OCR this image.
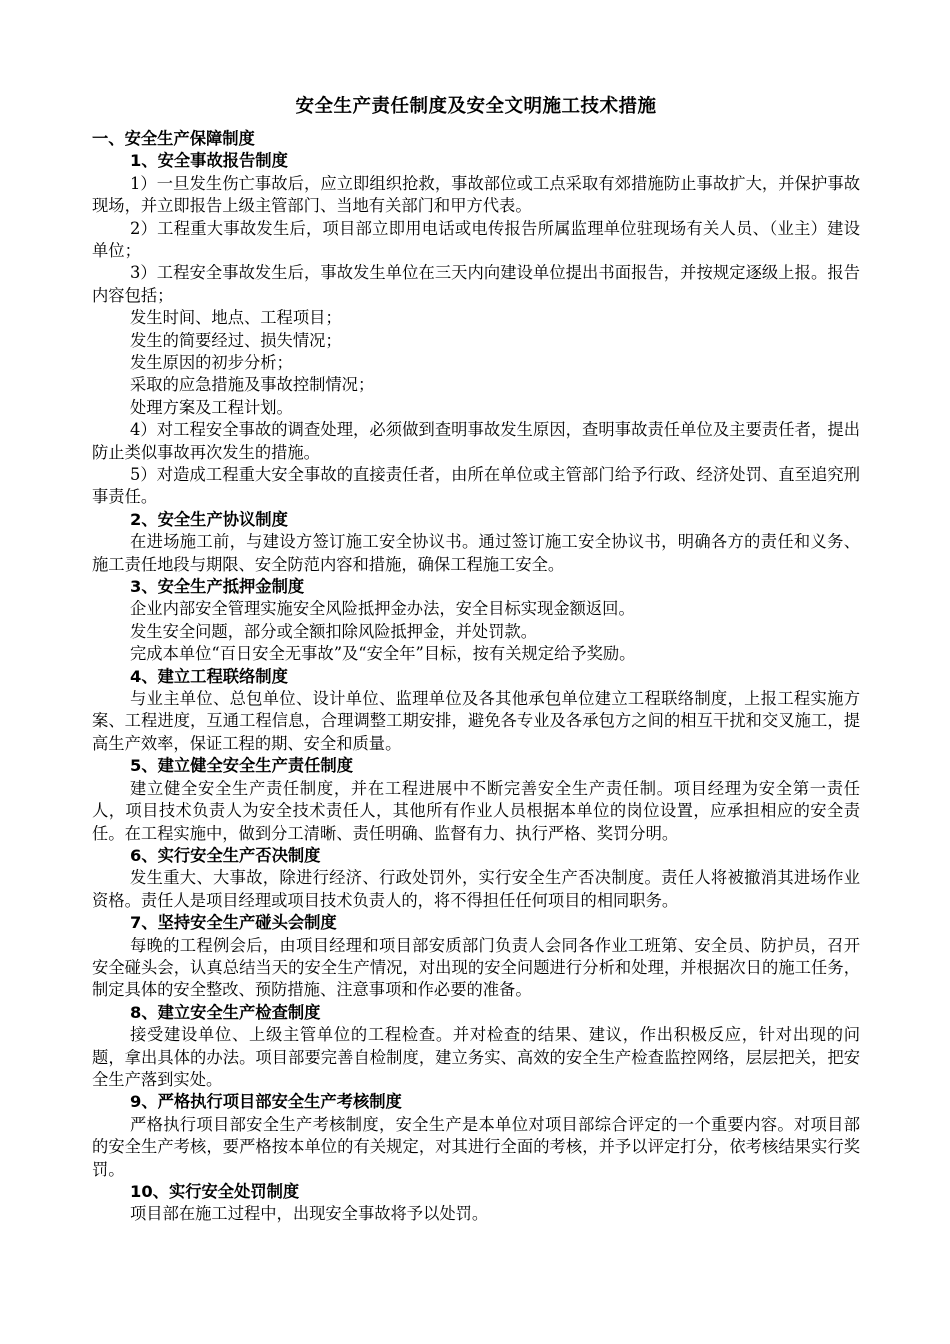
安全生产责任制度及安全文明施工技术措施
一、安全生产保障制度
1、安全事故报告制度

1）一旦发生伤亡事故后，应立即组织抢救，事故部位或工点采取有郊措施防止事故扩大，并保护事故现场，并立即报告上级主管部门、当地有关部门和甲方代表。

2）工程重大事故发生后，项目部立即用电话或电传报告所属监理单位驻现场有关人员、（业主）建设单位；

3）工程安全事故发生后，事故发生单位在三天内向建设单位提出书面报告，并按规定逐级上报。报告内容包括；

发生时间、地点、工程项目；

发生的简要经过、损失情况；

发生原因的初步分析；

采取的应急措施及事故控制情况；

处理方案及工程计划。

4）对工程安全事故的调查处理，必须做到查明事故发生原因，查明事故责任单位及主要责任者，提出防止类似事故再次发生的措施。

5）对造成工程重大安全事故的直接责任者，由所在单位或主管部门给予行政、经济处罚、直至追究刑事责任。

2、安全生产协议制度

在进场施工前，与建设方签订施工安全协议书。通过签订施工安全协议书，明确各方的责任和义务、施工责任地段与期限、安全防范内容和措施，确保工程施工安全。

3、安全生产抵押金制度

企业内部安全管理实施安全风险抵押金办法，安全目标实现金额返回。

发生安全问题，部分或全额扣除风险抵押金，并处罚款。

完成本单位“百日安全无事故”及“安全年”目标，按有关规定给予奖励。

4、建立工程联络制度

与业主单位、总包单位、设计单位、监理单位及各其他承包单位建立工程联络制度，上报工程实施方案、工程进度，互通工程信息，合理调整工期安排，避免各专业及各承包方之间的相互干扰和交叉施工，提高生产效率，保证工程的期、安全和质量。

5、建立健全安全生产责任制度

建立健全安全生产责任制度，并在工程进展中不断完善安全生产责任制。项目经理为安全第一责任人，项目技术负责人为安全技术责任人，其他所有作业人员根据本单位的岗位设置，应承担相应的安全责任。在工程实施中，做到分工清晰、责任明确、监督有力、执行严格、奖罚分明。

6、实行安全生产否决制度

发生重大、大事故，除进行经济、行政处罚外，实行安全生产否决制度。责任人将被撤消其进场作业资格。责任人是项目经理或项目技术负责人的，将不得担任任何项目的相同职务。

7、坚持安全生产碰头会制度

每晚的工程例会后，由项目经理和项目部安质部门负责人会同各作业工班第、安全员、防护员，召开安全碰头会，认真总结当天的安全生产情况，对出现的安全问题进行分析和处理，并根据次日的施工任务，制定具体的安全整改、预防措施、注意事项和作必要的准备。

8、建立安全生产检查制度

接受建设单位、上级主管单位的工程检查。并对检查的结果、建议，作出积极反应，针对出现的问题，拿出具体的办法。项目部要完善自检制度，建立务实、高效的安全生产检查监控网络，层层把关，把安全生产落到实处。

9、严格执行项目部安全生产考核制度

严格执行项目部安全生产考核制度，安全生产是本单位对项目部综合评定的一个重要内容。对项目部的安全生产考核，要严格按本单位的有关规定，对其进行全面的考核，并予以评定打分，依考核结果实行奖罚。

10、实行安全处罚制度

项目部在施工过程中，出现安全事故将予以处罚。
